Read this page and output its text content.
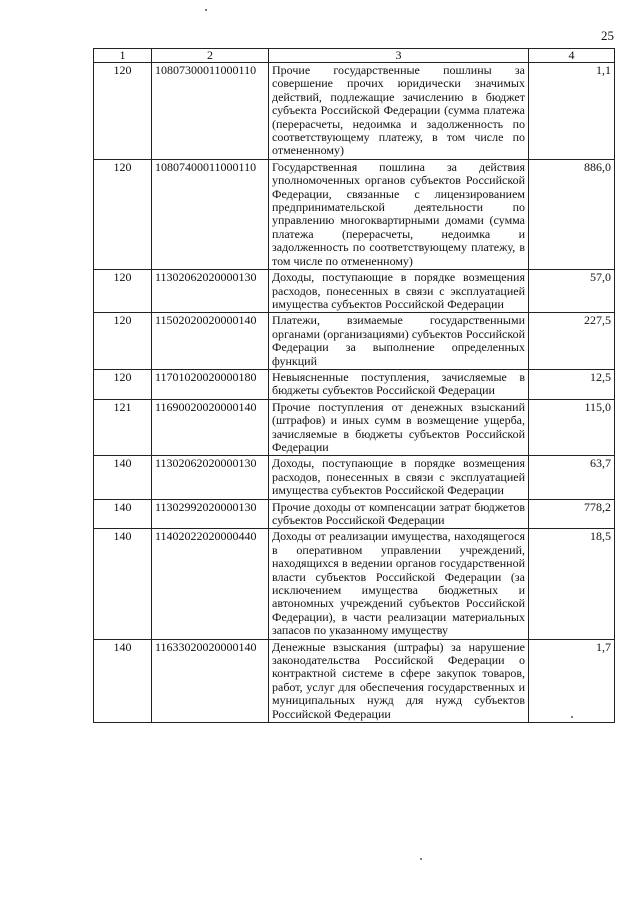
25
1	2	3	4
120	10807300011000110	Прочие государственные пошлины за совершение прочих юридически значимых действий, подлежащие зачислению в бюджет субъекта Российской Федерации (сумма платежа (перерасчеты, недоимка и задолженность по соответствующему платежу, в том числе по отмененному)	1,1
120	10807400011000110	Государственная пошлина за действия уполномоченных органов субъектов Российской Федерации, связанные с лицензированием предпринимательской деятельности по управлению многоквартирными домами (сумма платежа (перерасчеты, недоимка и задолженность по соответствующему платежу, в том числе по отмененному)	886,0
120	11302062020000130	Доходы, поступающие в порядке возмещения расходов, понесенных в связи с эксплуатацией имущества субъектов Российской Федерации	57,0
120	11502020020000140	Платежи, взимаемые государственными органами (организациями) субъектов Российской Федерации за выполнение определенных функций	227,5
120	11701020020000180	Невыясненные поступления, зачисляемые в бюджеты субъектов Российской Федерации	12,5
121	11690020020000140	Прочие поступления от денежных взысканий (штрафов) и иных сумм в возмещение ущерба, зачисляемые в бюджеты субъектов Российской Федерации	115,0
140	11302062020000130	Доходы, поступающие в порядке возмещения расходов, понесенных в связи с эксплуатацией имущества субъектов Российской Федерации	63,7
140	11302992020000130	Прочие доходы от компенсации затрат бюджетов субъектов Российской Федерации	778,2
140	11402022020000440	Доходы от реализации имущества, находящегося в оперативном управлении учреждений, находящихся в ведении органов государственной власти субъектов Российской Федерации (за исключением имущества бюджетных и автономных учреждений субъектов Российской Федерации), в части реализации материальных запасов по указанному имуществу	18,5
140	11633020020000140	Денежные взыскания (штрафы) за нарушение законодательства Российской Федерации о контрактной системе в сфере закупок товаров, работ, услуг для обеспечения государственных и муниципальных нужд для нужд субъектов Российской Федерации	1,7
